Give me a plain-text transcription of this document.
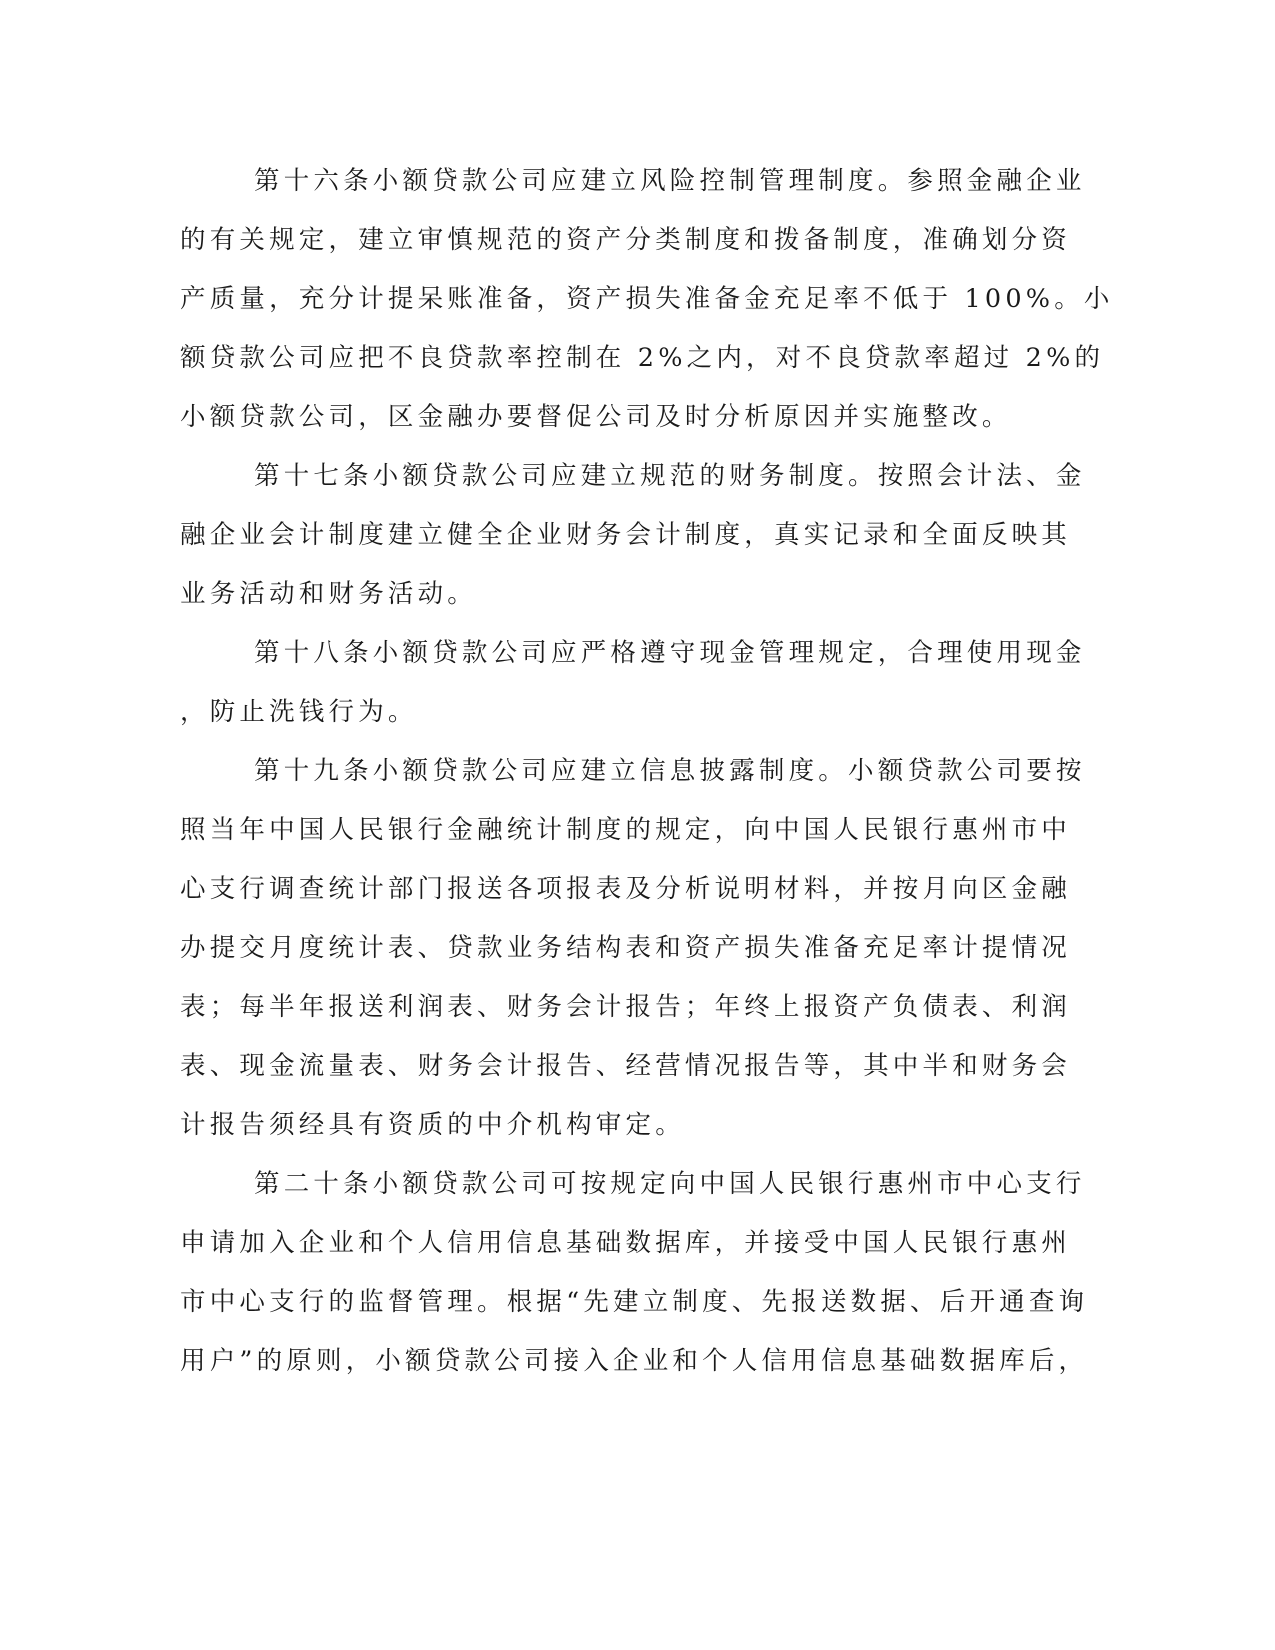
第十六条小额贷款公司应建立风险控制管理制度。参照金融企业
的有关规定，建立审慎规范的资产分类制度和拨备制度，准确划分资
产质量，充分计提呆账准备，资产损失准备金充足率不低于 100%。小
额贷款公司应把不良贷款率控制在 2%之内，对不良贷款率超过 2%的
小额贷款公司，区金融办要督促公司及时分析原因并实施整改。
第十七条小额贷款公司应建立规范的财务制度。按照会计法、金
融企业会计制度建立健全企业财务会计制度，真实记录和全面反映其
业务活动和财务活动。
第十八条小额贷款公司应严格遵守现金管理规定，合理使用现金
，防止洗钱行为。
第十九条小额贷款公司应建立信息披露制度。小额贷款公司要按
照当年中国人民银行金融统计制度的规定，向中国人民银行惠州市中
心支行调查统计部门报送各项报表及分析说明材料，并按月向区金融
办提交月度统计表、贷款业务结构表和资产损失准备充足率计提情况
表；每半年报送利润表、财务会计报告；年终上报资产负债表、利润
表、现金流量表、财务会计报告、经营情况报告等，其中半和财务会
计报告须经具有资质的中介机构审定。
第二十条小额贷款公司可按规定向中国人民银行惠州市中心支行
申请加入企业和个人信用信息基础数据库，并接受中国人民银行惠州
市中心支行的监督管理。根据“先建立制度、先报送数据、后开通查询
用户”的原则，小额贷款公司接入企业和个人信用信息基础数据库后，
